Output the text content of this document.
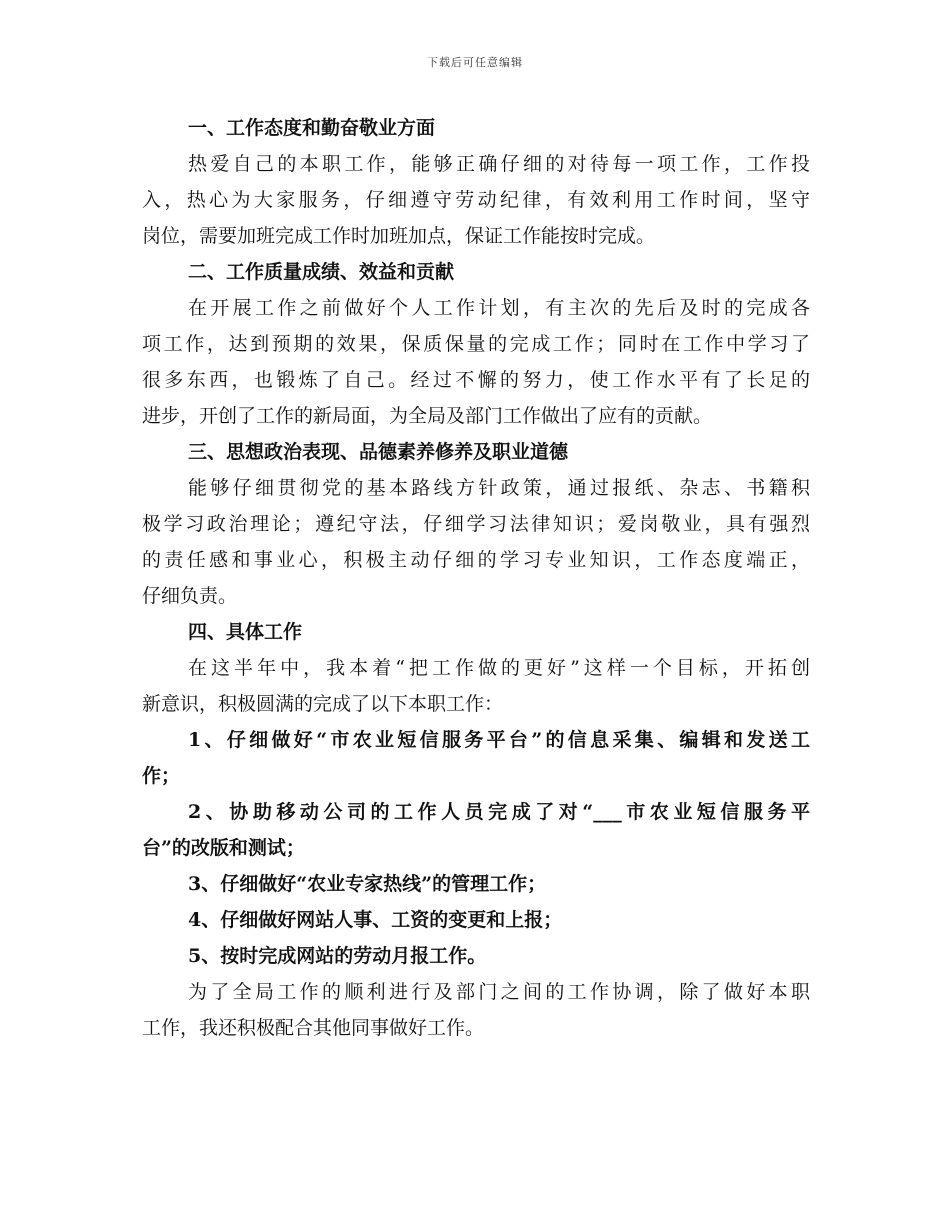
下载后可任意编辑
一、工作态度和勤奋敬业方面
热爱自己的本职工作，能够正确仔细的对待每一项工作，工作投
入，热心为大家服务，仔细遵守劳动纪律，有效利用工作时间，坚守
岗位，需要加班完成工作时加班加点，保证工作能按时完成。
二、工作质量成绩、效益和贡献
在开展工作之前做好个人工作计划，有主次的先后及时的完成各
项工作，达到预期的效果，保质保量的完成工作；同时在工作中学习了
很多东西，也锻炼了自己。经过不懈的努力，使工作水平有了长足的
进步，开创了工作的新局面，为全局及部门工作做出了应有的贡献。
三、思想政治表现、品德素养修养及职业道德
能够仔细贯彻党的基本路线方针政策，通过报纸、杂志、书籍积
极学习政治理论；遵纪守法，仔细学习法律知识；爱岗敬业，具有强烈
的责任感和事业心，积极主动仔细的学习专业知识，工作态度端正，
仔细负责。
四、具体工作
在这半年中，我本着“把工作做的更好”这样一个目标，开拓创
新意识，积极圆满的完成了以下本职工作：
1、仔细做好“市农业短信服务平台”的信息采集、编辑和发送工
作；
2、协助移动公司的工作人员完成了对“___市农业短信服务平
台”的改版和测试；
3、仔细做好“农业专家热线”的管理工作；
4、仔细做好网站人事、工资的变更和上报；
5、按时完成网站的劳动月报工作。
为了全局工作的顺利进行及部门之间的工作协调，除了做好本职
工作，我还积极配合其他同事做好工作。
